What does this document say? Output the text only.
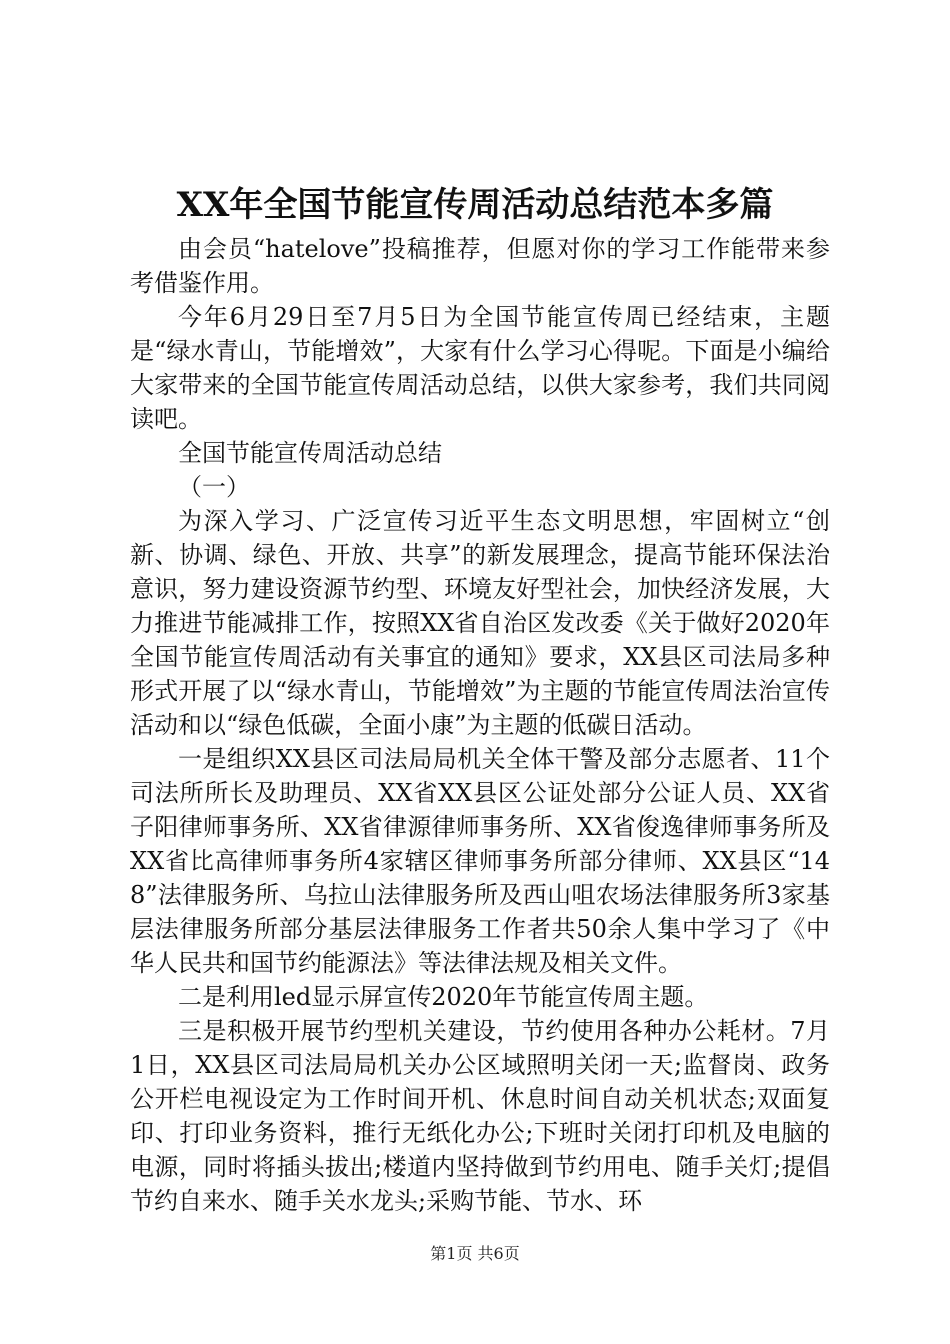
XX年全国节能宣传周活动总结范本多篇

由会员“hatelove”投稿推荐，但愿对你的学习工作能带来参考借鉴作用。

今年6月29日至7月5日为全国节能宣传周已经结束，主题是“绿水青山，节能增效”，大家有什么学习心得呢。下面是小编给大家带来的全国节能宣传周活动总结，以供大家参考，我们共同阅读吧。

全国节能宣传周活动总结

（一）

为深入学习、广泛宣传习近平生态文明思想，牢固树立“创新、协调、绿色、开放、共享”的新发展理念，提高节能环保法治意识，努力建设资源节约型、环境友好型社会，加快经济发展，大力推进节能减排工作，按照XX省自治区发改委《关于做好2020年全国节能宣传周活动有关事宜的通知》要求，XX县区司法局多种形式开展了以“绿水青山，节能增效”为主题的节能宣传周法治宣传活动和以“绿色低碳，全面小康”为主题的低碳日活动。

一是组织XX县区司法局局机关全体干警及部分志愿者、11个司法所所长及助理员、XX省XX县区公证处部分公证人员、XX省子阳律师事务所、XX省律源律师事务所、XX省俊逸律师事务所及XX省比高律师事务所4家辖区律师事务所部分律师、XX县区“148”法律服务所、乌拉山法律服务所及西山咀农场法律服务所3家基层法律服务所部分基层法律服务工作者共50余人集中学习了《中华人民共和国节约能源法》等法律法规及相关文件。

二是利用led显示屏宣传2020年节能宣传周主题。

三是积极开展节约型机关建设，节约使用各种办公耗材。7月1日，XX县区司法局局机关办公区域照明关闭一天;监督岗、政务公开栏电视设定为工作时间开机、休息时间自动关机状态;双面复印、打印业务资料，推行无纸化办公;下班时关闭打印机及电脑的电源，同时将插头拔出;楼道内坚持做到节约用电、随手关灯;提倡节约自来水、随手关水龙头;采购节能、节水、环

第1页 共6页
